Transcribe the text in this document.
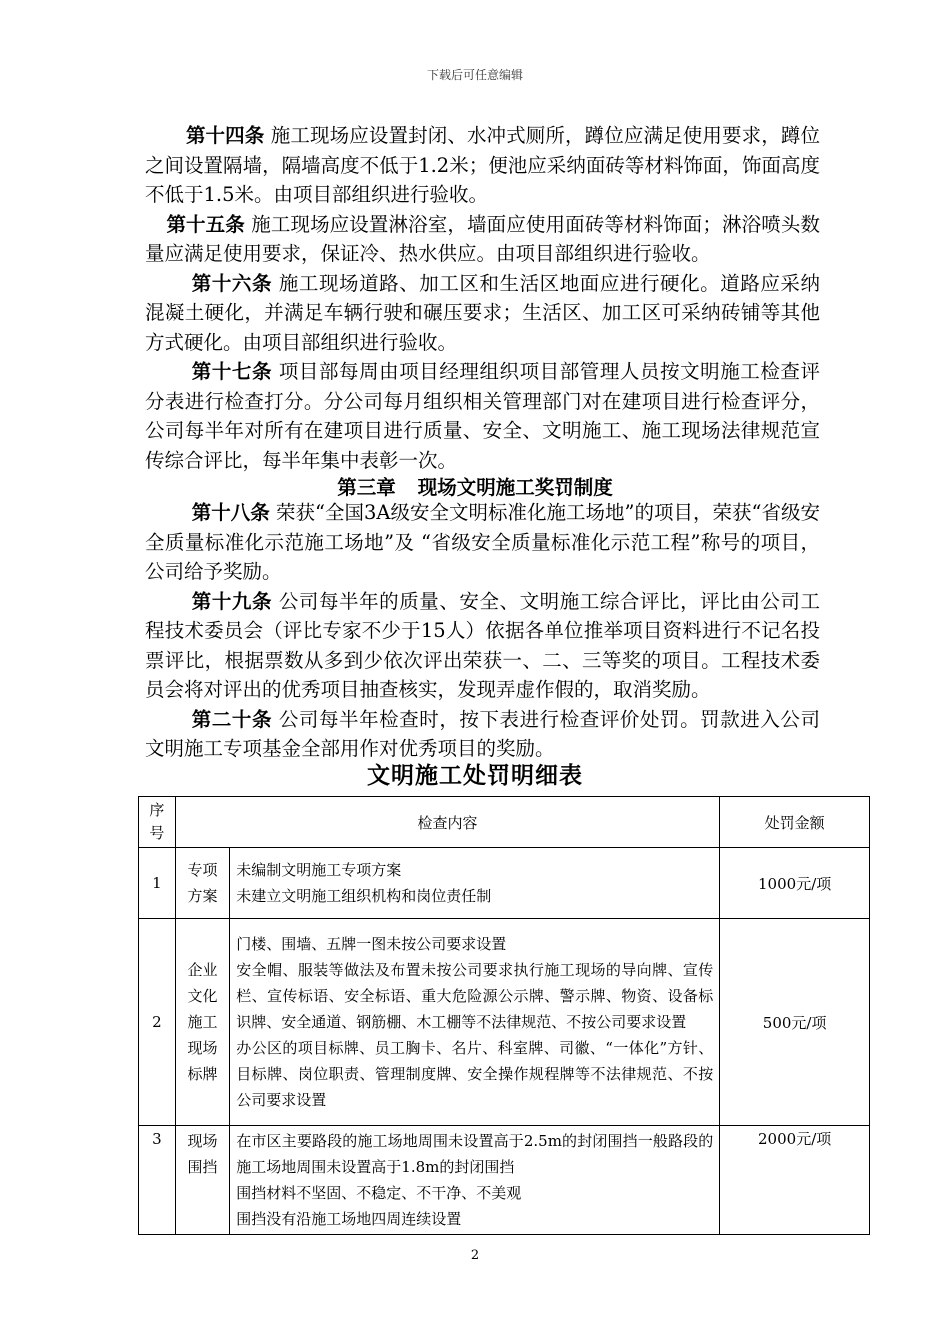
下载后可任意编辑

第十四条 施工现场应设置封闭、水冲式厕所，蹲位应满足使用要求，蹲位之间设置隔墙，隔墙高度不低于1.2米；便池应采纳面砖等材料饰面，饰面高度不低于1.5米。由项目部组织进行验收。

第十五条 施工现场应设置淋浴室，墙面应使用面砖等材料饰面；淋浴喷头数量应满足使用要求，保证冷、热水供应。由项目部组织进行验收。

第十六条 施工现场道路、加工区和生活区地面应进行硬化。道路应采纳混凝土硬化，并满足车辆行驶和碾压要求；生活区、加工区可采纳砖铺等其他方式硬化。由项目部组织进行验收。

第十七条 项目部每周由项目经理组织项目部管理人员按文明施工检查评分表进行检查打分。分公司每月组织相关管理部门对在建项目进行检查评分，公司每半年对所有在建项目进行质量、安全、文明施工、施工现场法律规范宣传综合评比，每半年集中表彰一次。

第三章 现场文明施工奖罚制度

第十八条 荣获“全国3A级安全文明标准化施工场地”的项目，荣获“省级安全质量标准化示范施工场地”及 “省级安全质量标准化示范工程”称号的项目，公司给予奖励。

第十九条 公司每半年的质量、安全、文明施工综合评比，评比由公司工程技术委员会（评比专家不少于15人）依据各单位推举项目资料进行不记名投票评比，根据票数从多到少依次评出荣获一、二、三等奖的项目。工程技术委员会将对评出的优秀项目抽查核实，发现弄虚作假的，取消奖励。

第二十条 公司每半年检查时，按下表进行检查评价处罚。罚款进入公司文明施工专项基金全部用作对优秀项目的奖励。

文明施工处罚明细表
序
号	检查内容		处罚金额
1	专项
方案	未编制文明施工专项方案
未建立文明施工组织机构和岗位责任制	1000元/项
2	企业
文化
施工
现场
标牌	门楼、围墙、五牌一图未按公司要求设置
安全帽、服装等做法及布置未按公司要求执行施工现场的导向牌、宣传栏、宣传标语、安全标语、重大危险源公示牌、警示牌、物资、设备标识牌、安全通道、钢筋棚、木工棚等不法律规范、不按公司要求设置
办公区的项目标牌、员工胸卡、名片、科室牌、司徽、“一体化”方针、目标牌、岗位职责、管理制度牌、安全操作规程牌等不法律规范、不按公司要求设置	500元/项
3	现场
围挡	在市区主要路段的施工场地周围未设置高于2.5m的封闭围挡一般路段的施工场地周围未设置高于1.8m的封闭围挡
围挡材料不坚固、不稳定、不干净、不美观
围挡没有沿施工场地四周连续设置	2000元/项
2
